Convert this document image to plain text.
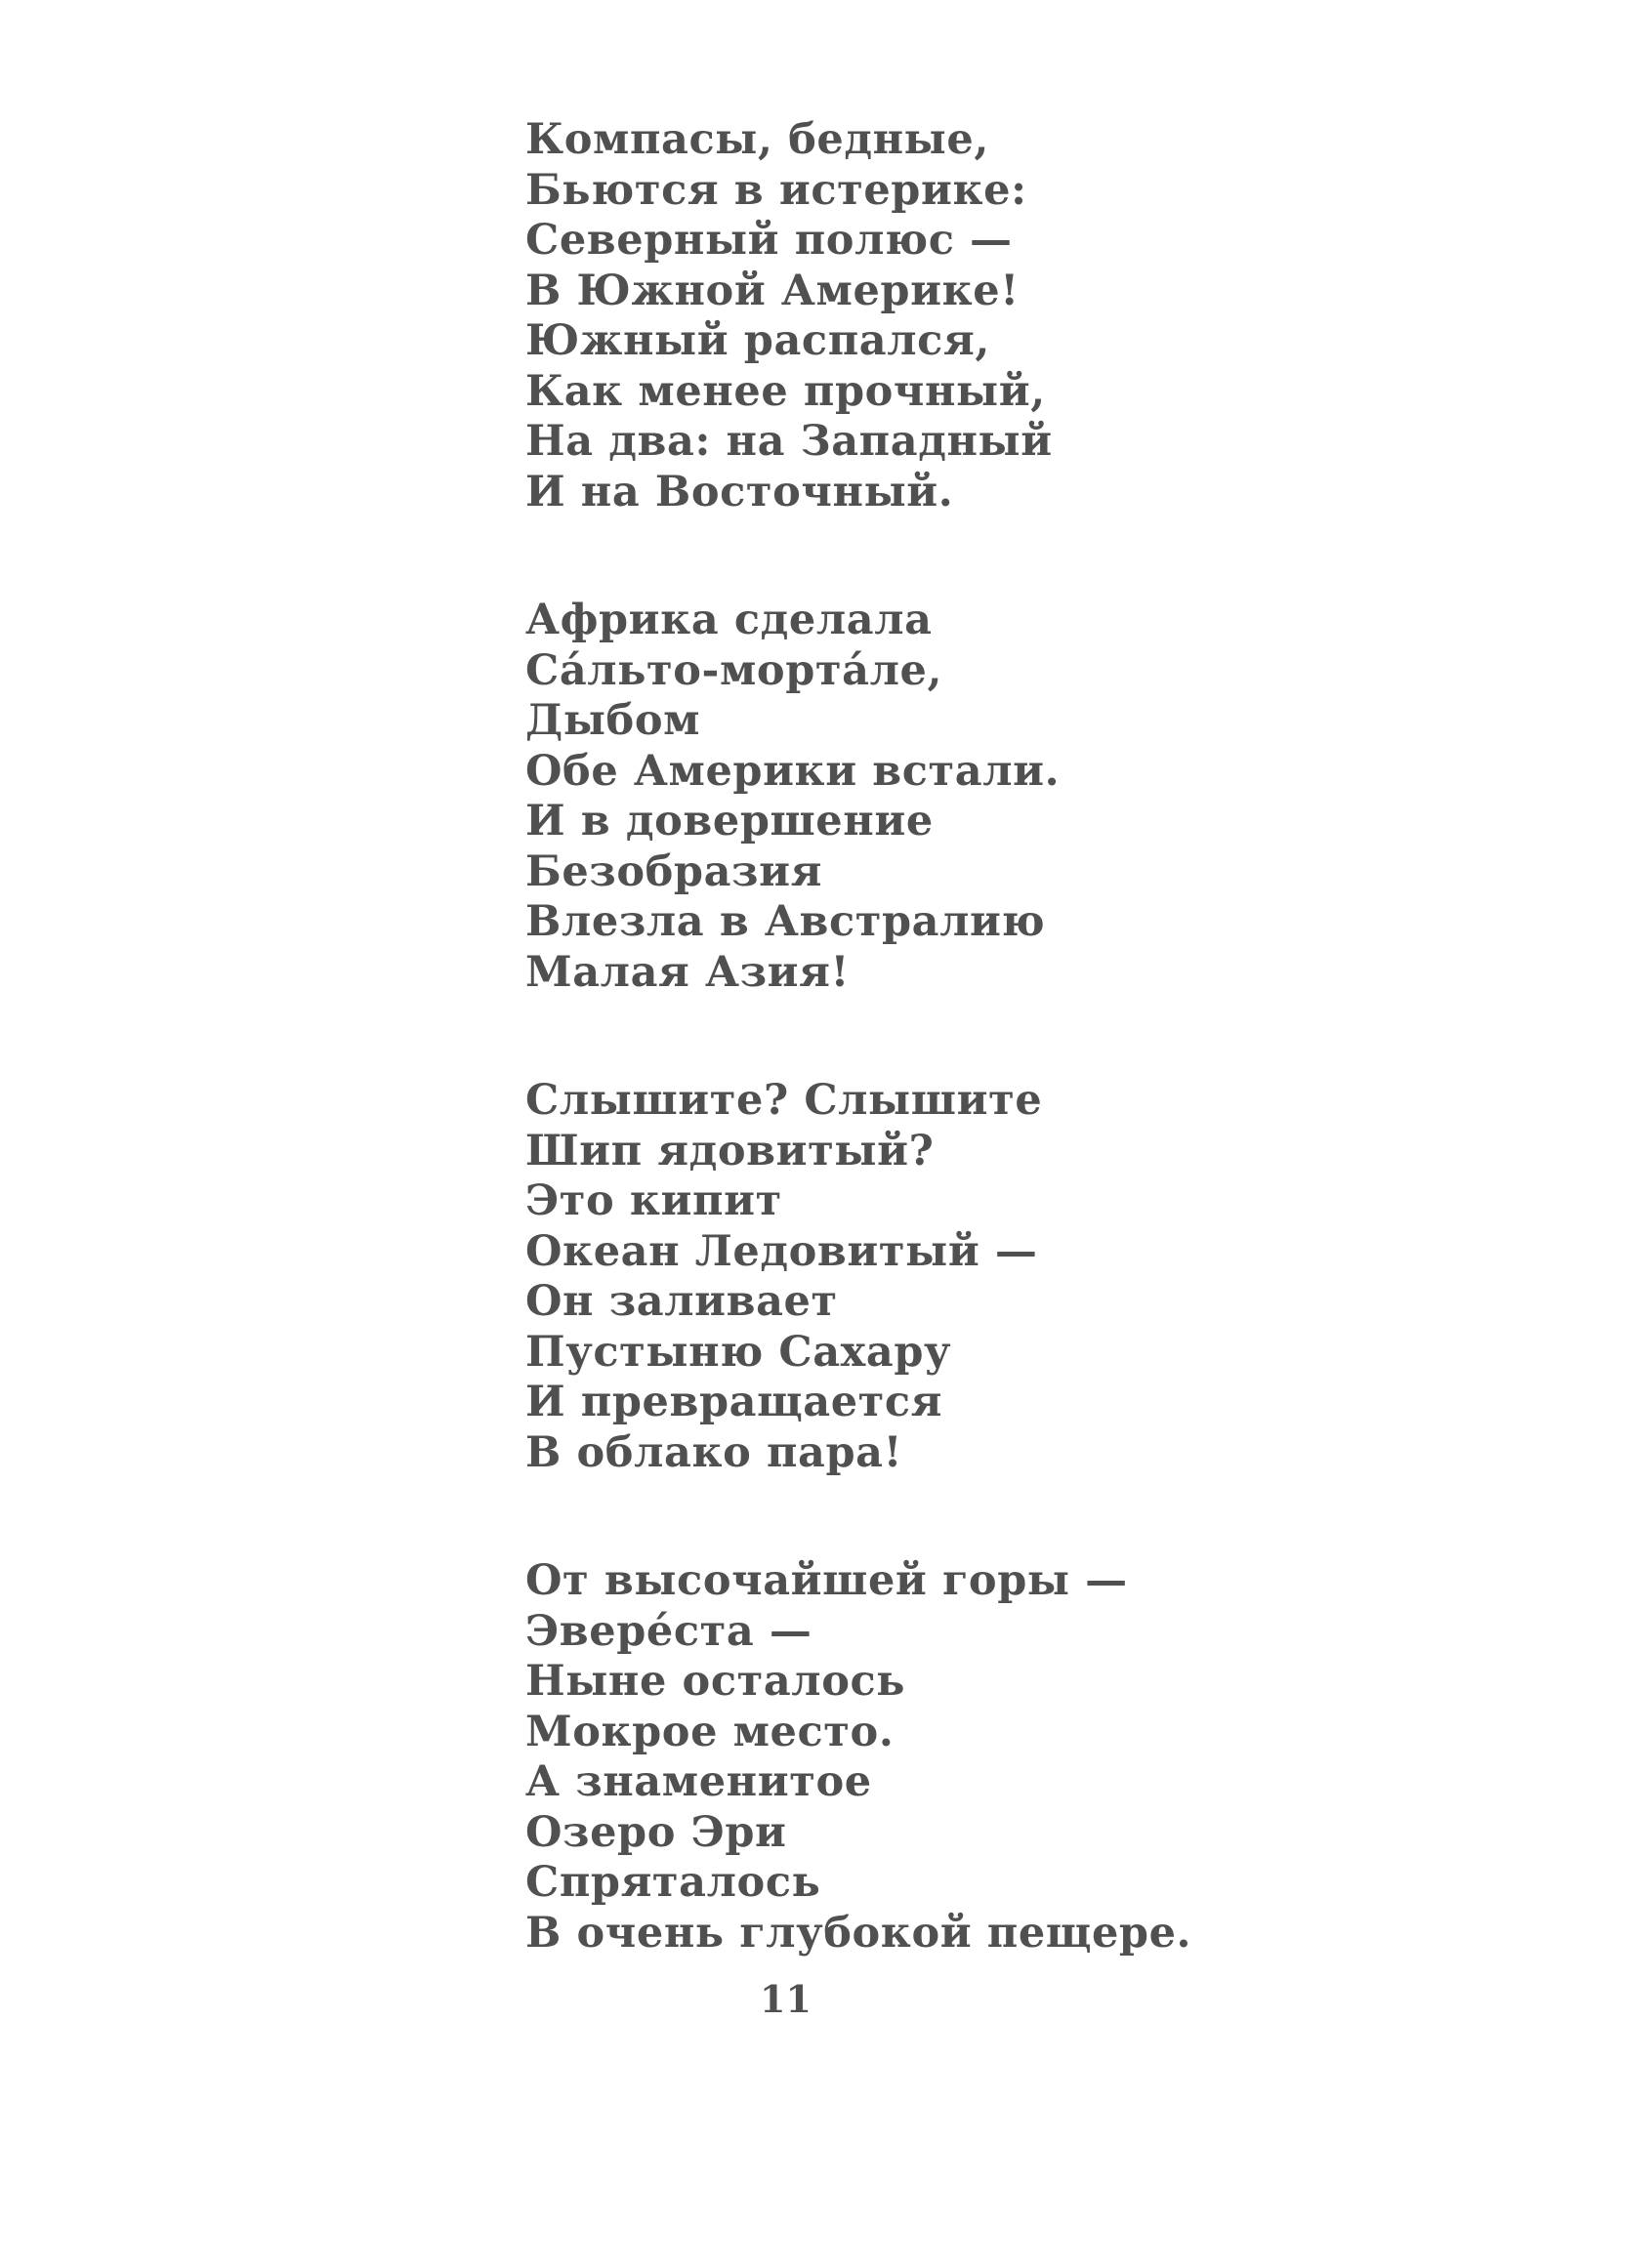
Компасы, бедные,
Бьются в истерике:
Северный полюс —
В Южной Америке!
Южный распался,
Как менее прочный,
На два: на Западный
И на Восточный.
Африка сделала
Са́льто-морта́ле,
Дыбом
Обе Америки встали.
И в довершение
Безобразия
Влезла в Австралию
Малая Азия!
Слышите? Слышите
Шип ядовитый?
Это кипит
Океан Ледовитый —
Он заливает
Пустыню Сахару
И превращается
В облако пара!
От высочайшей горы —
Эвере́ста —
Ныне осталось
Мокрое место.
А знаменитое
Озеро Эри
Спряталось
В очень глубокой пещере.
11
